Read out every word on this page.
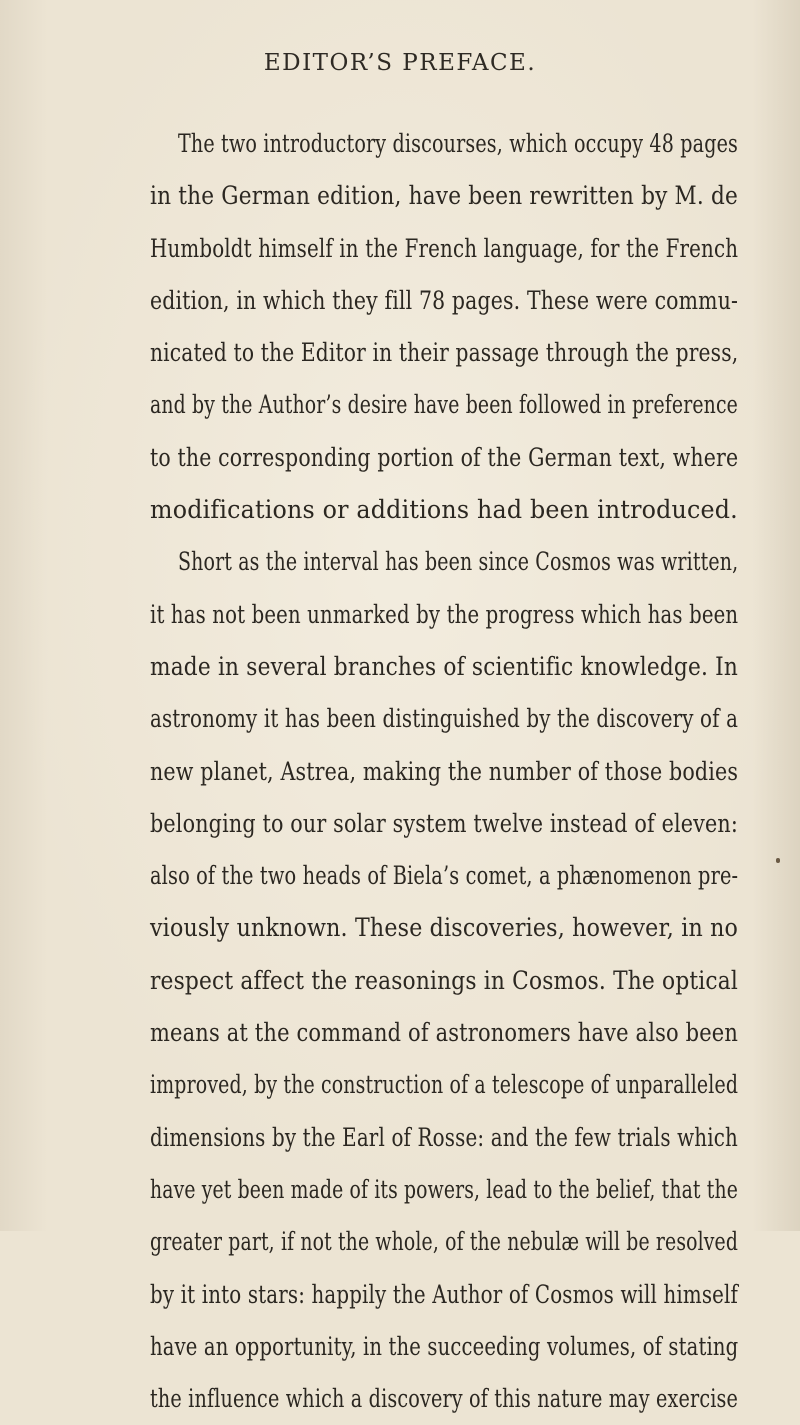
EDITOR’S PREFACE.
The two introductory discourses, which occupy 48 pages
in the German edition, have been rewritten by M. de
Humboldt himself in the French language, for the French
edition, in which they fill 78 pages. These were commu-
nicated to the Editor in their passage through the press,
and by the Author’s desire have been followed in preference
to the corresponding portion of the German text, where
modifications or additions had been introduced.
Short as the interval has been since Cosmos was written,
it has not been unmarked by the progress which has been
made in several branches of scientific knowledge. In
astronomy it has been distinguished by the discovery of a
new planet, Astrea, making the number of those bodies
belonging to our solar system twelve instead of eleven:
also of the two heads of Biela’s comet, a phænomenon pre-
viously unknown. These discoveries, however, in no
respect affect the reasonings in Cosmos. The optical
means at the command of astronomers have also been
improved, by the construction of a telescope of unparalleled
dimensions by the Earl of Rosse: and the few trials which
have yet been made of its powers, lead to the belief, that the
greater part, if not the whole, of the nebulæ will be resolved
by it into stars: happily the Author of Cosmos will himself
have an opportunity, in the succeeding volumes, of stating
the influence which a discovery of this nature may exercise
